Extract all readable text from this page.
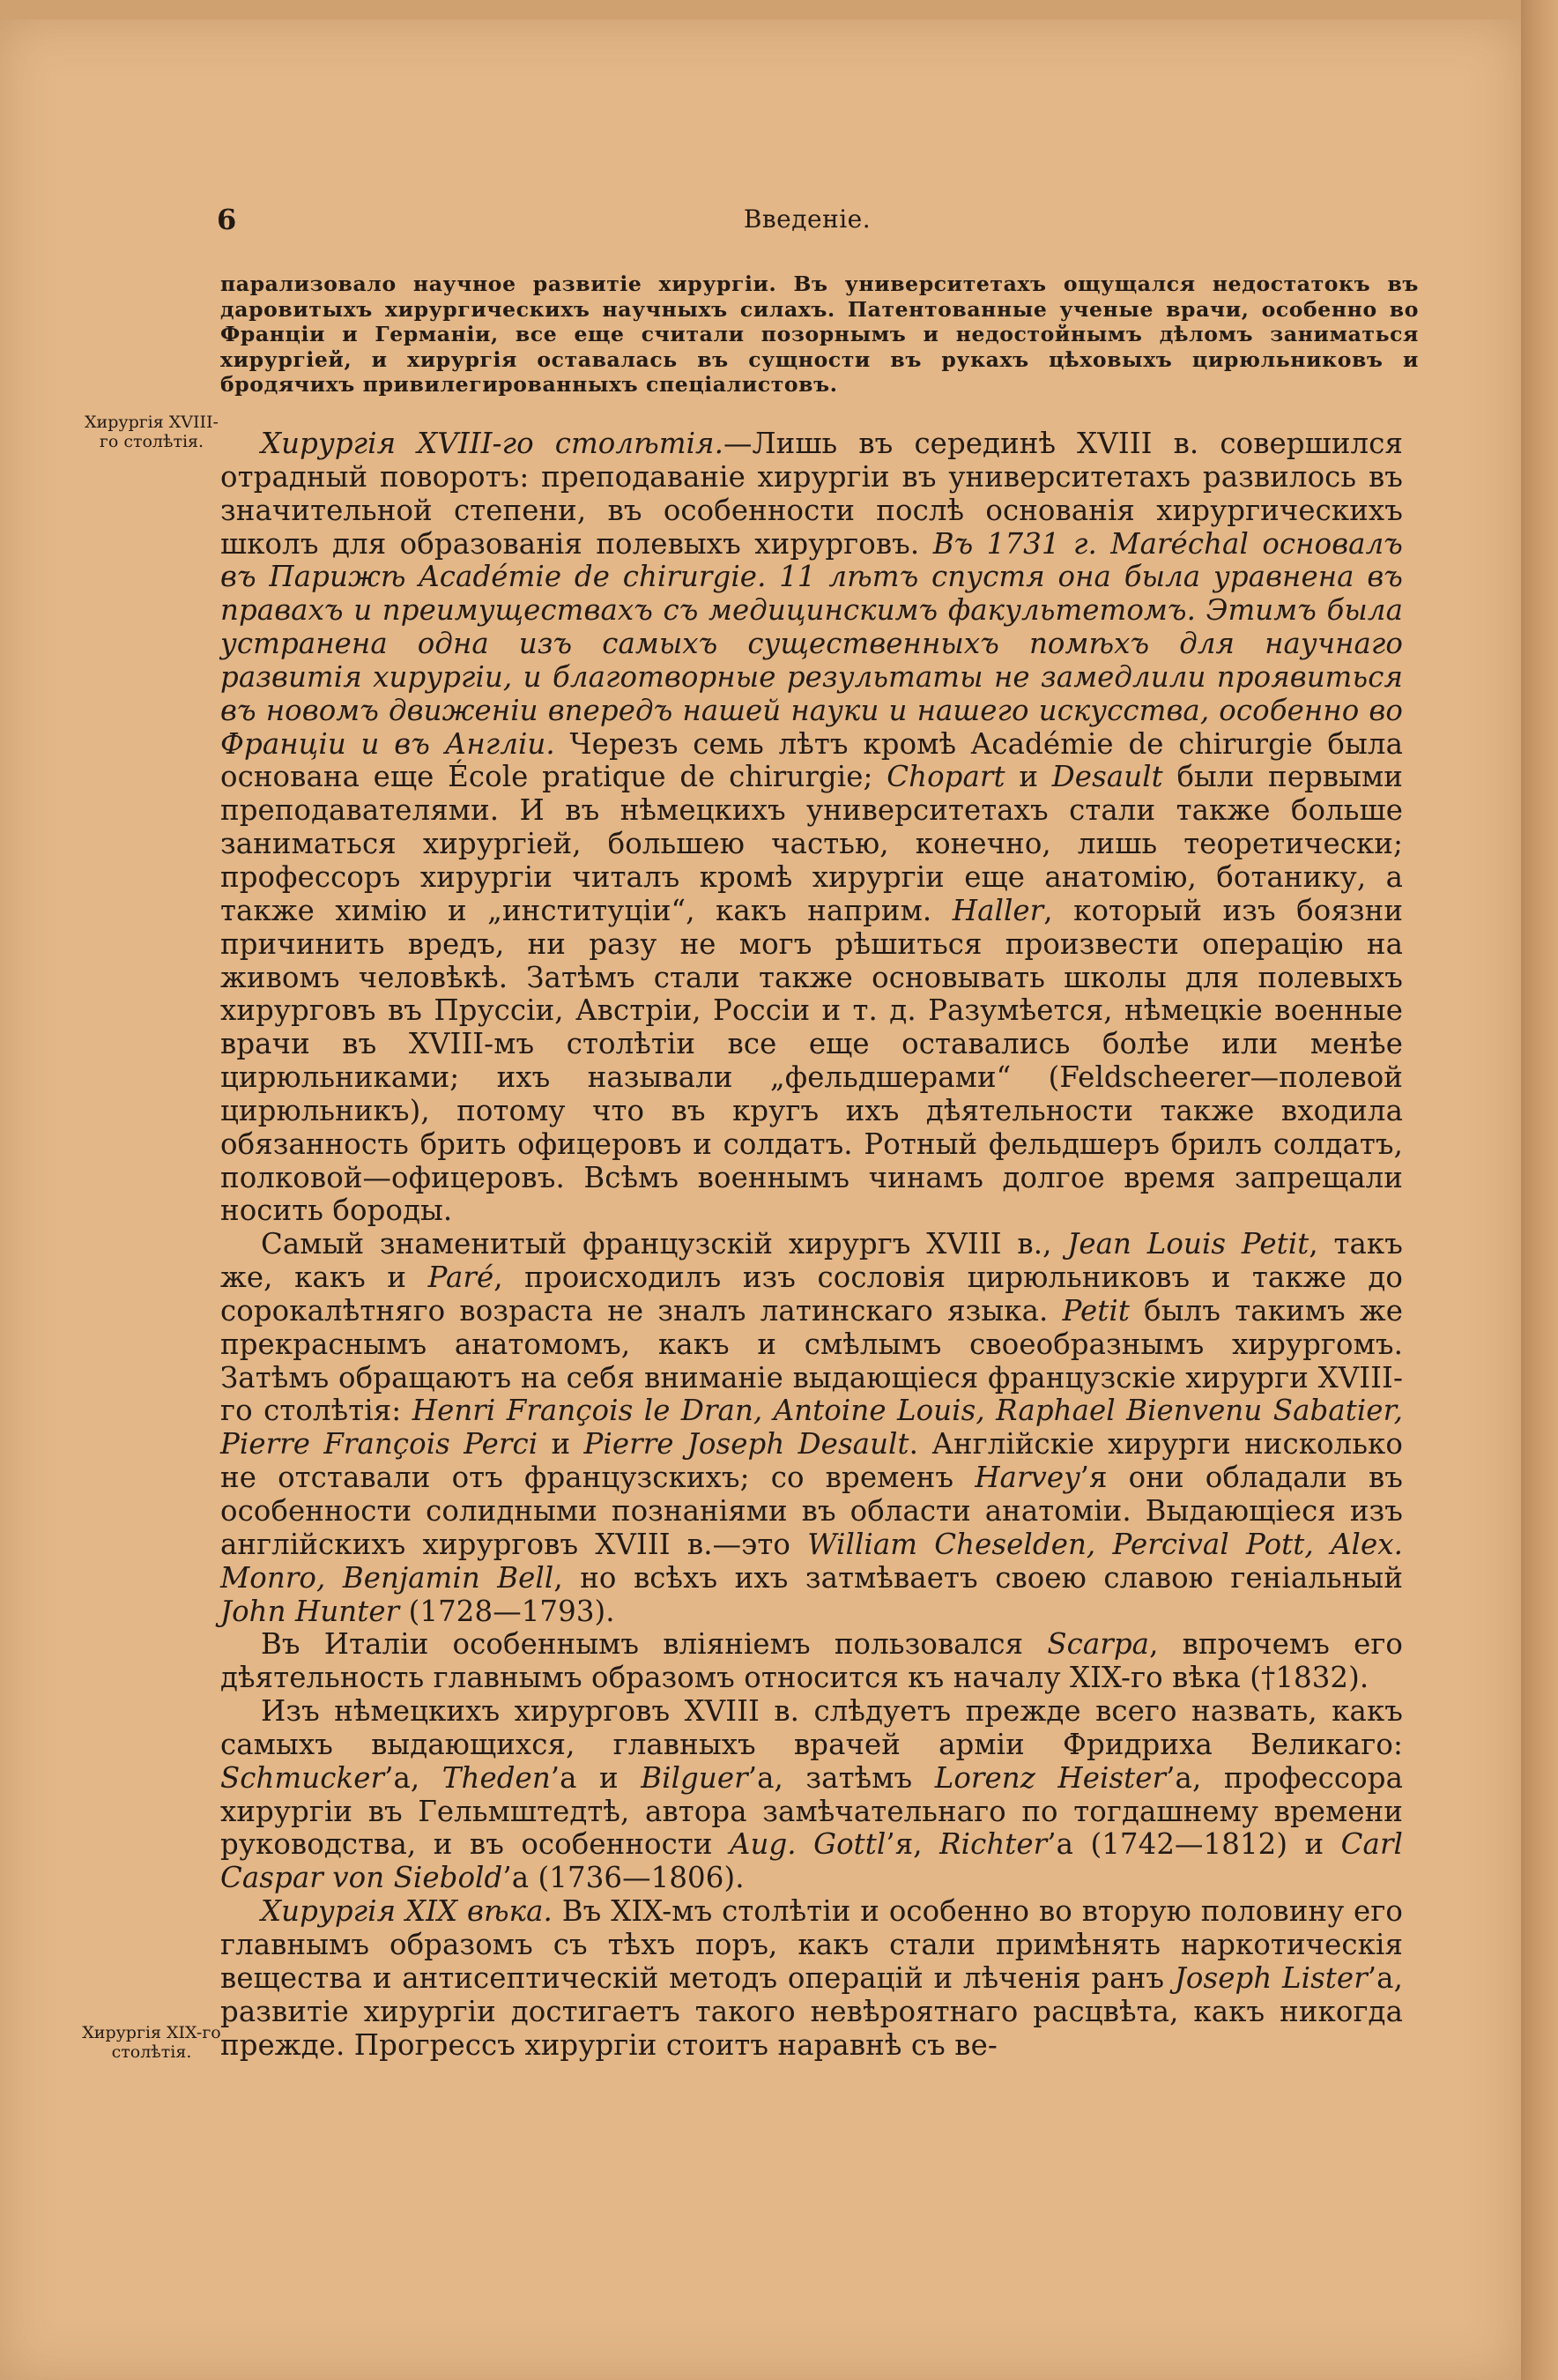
6	Введеніе.
парализовало научное развитіе хирургіи. Въ университетахъ ощущался недостатокъ въ даровитыхъ хирургическихъ научныхъ силахъ. Патентованные ученые врачи, особенно во Франціи и Германіи, все еще считали позорнымъ и недостойнымъ дѣломъ заниматься хирургіей, и хирургія оставалась въ сущности въ рукахъ цѣховыхъ цирюльниковъ и бродячихъ привилегированныхъ спеціалистовъ.
Хирургія XVIII-го столѣтія.
Хирургія XIX-го столѣтія.

Хирургія XVIII-го столѣтія.—Лишь въ серединѣ XVIII в. совершился отрадный поворотъ: преподаваніе хирургіи въ университетахъ развилось въ значительной степени, въ особенности послѣ основанія хирургическихъ школъ для образованія полевыхъ хирурговъ. Въ 1731 г. Maréchal основалъ въ Парижѣ Académie de chirurgie. 11 лѣтъ спустя она была уравнена въ правахъ и преимуществахъ съ медицинскимъ факультетомъ. Этимъ была устранена одна изъ самыхъ существенныхъ помѣхъ для научнаго развитія хирургіи, и благотворные результаты не замедлили проявиться въ новомъ движеніи впередъ нашей науки и нашего искусства, особенно во Франціи и въ Англіи. Черезъ семь лѣтъ кромѣ Académie de chirurgie была основана еще École pratique de chirurgie; Chopart и Desault были первыми преподавателями. И въ нѣмецкихъ университетахъ стали также больше заниматься хирургіей, большею частью, конечно, лишь теоретически; профессоръ хирургіи читалъ кромѣ хирургіи еще анатомію, ботанику, а также химію и „институціи“, какъ наприм. Haller, который изъ боязни причинить вредъ, ни разу не могъ рѣшиться произвести операцію на живомъ человѣкѣ. Затѣмъ стали также основывать школы для полевыхъ хирурговъ въ Пруссіи, Австріи, Россіи и т. д. Разумѣется, нѣмецкіе военные врачи въ XVIII-мъ столѣтіи все еще оставались болѣе или менѣе цирюльниками; ихъ называли „фельдшерами“ (Feldscheerer—полевой цирюльникъ), потому что въ кругъ ихъ дѣятельности также входила обязанность брить офицеровъ и солдатъ. Ротный фельдшеръ брилъ солдатъ, полковой—офицеровъ. Всѣмъ военнымъ чинамъ долгое время запрещали носить бороды.

Самый знаменитый французскій хирургъ XVIII в., Jean Louis Petit, такъ же, какъ и Paré, происходилъ изъ сословія цирюльниковъ и также до сорокалѣтняго возраста не зналъ латинскаго языка. Petit былъ такимъ же прекраснымъ анатомомъ, какъ и смѣлымъ своеобразнымъ хирургомъ. Затѣмъ обращаютъ на себя вниманіе выдающіеся французскіе хирурги XVIII-го столѣтія: Henri François le Dran, Antoine Louis, Raphael Bienvenu Sabatier, Pierre François Perci и Pierre Joseph Desault. Англійскіе хирурги нисколько не отставали отъ французскихъ; со временъ Harvey’я они обладали въ особенности солидными познаніями въ области анатоміи. Выдающіеся изъ англійскихъ хирурговъ XVIII в.—это William Cheselden, Percival Pott, Alex. Monro, Benjamin Bell, но всѣхъ ихъ затмѣваетъ своею славою геніальный John Hunter (1728—1793).

Въ Италіи особеннымъ вліяніемъ пользовался Scarpa, впрочемъ его дѣятельность главнымъ образомъ относится къ началу XIX-го вѣка (†1832).

Изъ нѣмецкихъ хирурговъ XVIII в. слѣдуетъ прежде всего назвать, какъ самыхъ выдающихся, главныхъ врачей арміи Фридриха Великаго: Schmucker’а, Theden’а и Bilguer’а, затѣмъ Lorenz Heister’а, профессора хирургіи въ Гельмштедтѣ, автора замѣчательнаго по тогдашнему времени руководства, и въ особенности Aug. Gottl’я, Richter’а (1742—1812) и Carl Caspar von Siebold’а (1736—1806).

Хирургія XIX вѣка. Въ XIX-мъ столѣтіи и особенно во вторую половину его главнымъ образомъ съ тѣхъ поръ, какъ стали примѣнять наркотическія вещества и антисептическій методъ операцій и лѣченія ранъ Joseph Lister’а, развитіе хирургіи достигаетъ такого невѣроятнаго расцвѣта, какъ никогда прежде. Прогрессъ хирургіи стоитъ наравнѣ съ ве-
